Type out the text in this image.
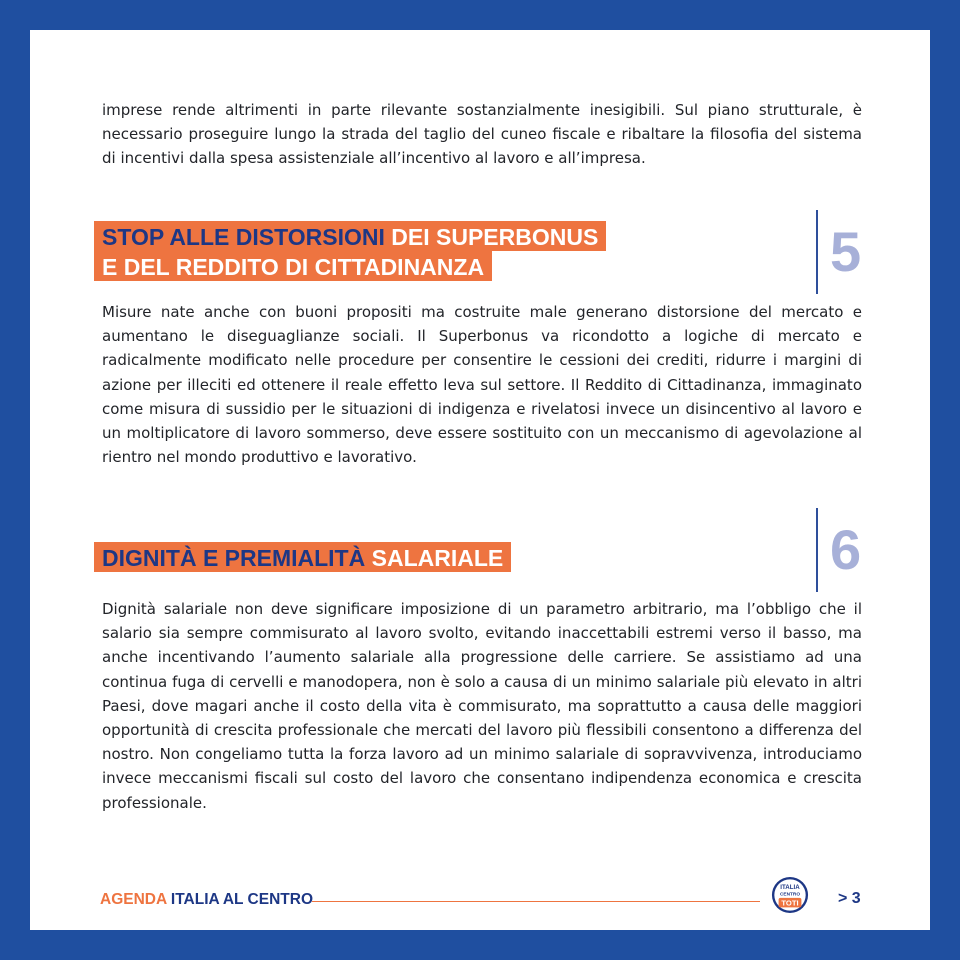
imprese rende altrimenti in parte rilevante sostanzialmente inesigibili. Sul piano strutturale, è necessario proseguire lungo la strada del taglio del cuneo fiscale e ribaltare la filosofia del sistema di incentivi dalla spesa assistenziale all’incentivo al lavoro e all’impresa.

STOP ALLE DISTORSIONI DEI SUPERBONUS
E DEL REDDITO DI CITTADINANZA	5

Misure nate anche con buoni propositi ma costruite male generano distorsione del mercato e aumentano le diseguaglianze sociali. Il Superbonus va ricondotto a logiche di mercato e radicalmente modificato nelle procedure per consentire le cessioni dei crediti, ridurre i margini di azione per illeciti ed ottenere il reale effetto leva sul settore. Il Reddito di Cittadinanza, immaginato come misura di sussidio per le situazioni di indigenza e rivelatosi invece un disincentivo al lavoro e un moltiplicatore di lavoro sommerso, deve essere sostituito con un meccanismo di agevolazione al rientro nel mondo produttivo e lavorativo.

DIGNITÀ E PREMIALITÀ SALARIALE	6

Dignità salariale non deve significare imposizione di un parametro arbitrario, ma l’obbligo che il salario sia sempre commisurato al lavoro svolto, evitando inaccettabili estremi verso il basso, ma anche incentivando l’aumento salariale alla progressione delle carriere. Se assistiamo ad una continua fuga di cervelli e manodopera, non è solo a causa di un minimo salariale più elevato in altri Paesi, dove magari anche il costo della vita è commisurato, ma soprattutto a causa delle maggiori opportunità di crescita professionale che mercati del lavoro più flessibili consentono a differenza del nostro. Non congeliamo tutta la forza lavoro ad un minimo salariale di sopravvivenza, introduciamo invece meccanismi fiscali sul costo del lavoro che consentano indipendenza economica e crescita professionale.

AGENDA ITALIA AL CENTRO
ITALIA
CENTRO
TOTI > 3
